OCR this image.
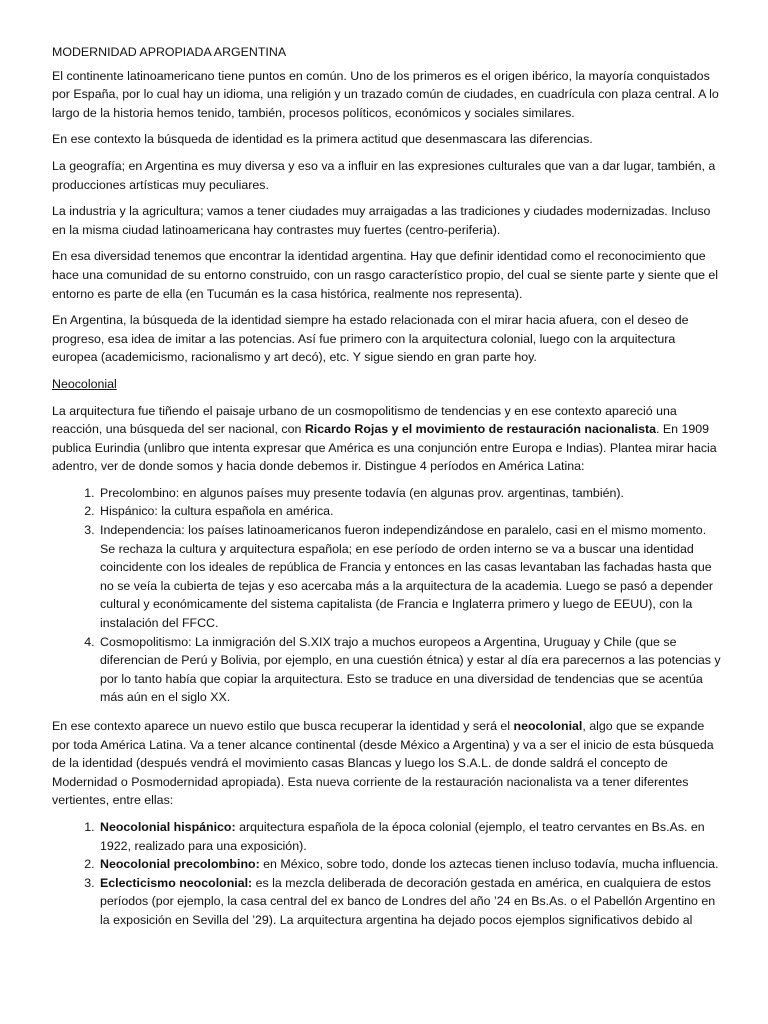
MODERNIDAD APROPIADA ARGENTINA

El continente latinoamericano tiene puntos en común. Uno de los primeros es el origen ibérico, la mayoría conquistados por España, por lo cual hay un idioma, una religión y un trazado común de ciudades, en cuadrícula con plaza central. A lo largo de la historia hemos tenido, también, procesos políticos, económicos y sociales similares.

En ese contexto la búsqueda de identidad es la primera actitud que desenmascara las diferencias.

La geografía; en Argentina es muy diversa y eso va a influir en las expresiones culturales que van a dar lugar, también, a producciones artísticas muy peculiares.

La industria y la agricultura; vamos a tener ciudades muy arraigadas a las tradiciones y ciudades modernizadas. Incluso en la misma ciudad latinoamericana hay contrastes muy fuertes (centro-periferia).

En esa diversidad tenemos que encontrar la identidad argentina. Hay que definir identidad como el reconocimiento que hace una comunidad de su entorno construido, con un rasgo característico propio, del cual se siente parte y siente que el entorno es parte de ella (en Tucumán es la casa histórica, realmente nos representa).

En Argentina, la búsqueda de la identidad siempre ha estado relacionada con el mirar hacia afuera, con el deseo de progreso, esa idea de imitar a las potencias. Así fue primero con la arquitectura colonial, luego con la arquitectura europea (academicismo, racionalismo y art decó), etc. Y sigue siendo en gran parte hoy.

Neocolonial

La arquitectura fue tiñendo el paisaje urbano de un cosmopolitismo de tendencias y en ese contexto apareció una reacción, una búsqueda del ser nacional, con Ricardo Rojas y el movimiento de restauración nacionalista. En 1909 publica Eurindia (unlibro que intenta expresar que América es una conjunción entre Europa e Indias). Plantea mirar hacia adentro, ver de donde somos y hacia donde debemos ir. Distingue 4 períodos en América Latina:

1. Precolombino: en algunos países muy presente todavía (en algunas prov. argentinas, también).
2. Hispánico: la cultura española en américa.
3. Independencia: los países latinoamericanos fueron independizándose en paralelo, casi en el mismo momento. Se rechaza la cultura y arquitectura española; en ese período de orden interno se va a buscar una identidad coincidente con los ideales de república de Francia y entonces en las casas levantaban las fachadas hasta que no se veía la cubierta de tejas y eso acercaba más a la arquitectura de la academia. Luego se pasó a depender cultural y económicamente del sistema capitalista (de Francia e Inglaterra primero y luego de EEUU), con la instalación del FFCC.
4. Cosmopolitismo: La inmigración del S.XIX trajo a muchos europeos a Argentina, Uruguay y Chile (que se diferencian de Perú y Bolivia, por ejemplo, en una cuestión étnica) y estar al día era parecernos a las potencias y por lo tanto había que copiar la arquitectura. Esto se traduce en una diversidad de tendencias que se acentúa más aún en el siglo XX.

En ese contexto aparece un nuevo estilo que busca recuperar la identidad y será el neocolonial, algo que se expande por toda América Latina. Va a tener alcance continental (desde México a Argentina) y va a ser el inicio de esta búsqueda de la identidad (después vendrá el movimiento casas Blancas y luego los S.A.L. de donde saldrá el concepto de Modernidad o Posmodernidad apropiada). Esta nueva corriente de la restauración nacionalista va a tener diferentes vertientes, entre ellas:

1. Neocolonial hispánico: arquitectura española de la época colonial (ejemplo, el teatro cervantes en Bs.As. en 1922, realizado para una exposición).
2. Neocolonial precolombino: en México, sobre todo, donde los aztecas tienen incluso todavía, mucha influencia.
3. Eclecticismo neocolonial: es la mezcla deliberada de decoración gestada en américa, en cualquiera de estos períodos (por ejemplo, la casa central del ex banco de Londres del año ’24 en Bs.As. o el Pabellón Argentino en la exposición en Sevilla del ’29). La arquitectura argentina ha dejado pocos ejemplos significativos debido al
